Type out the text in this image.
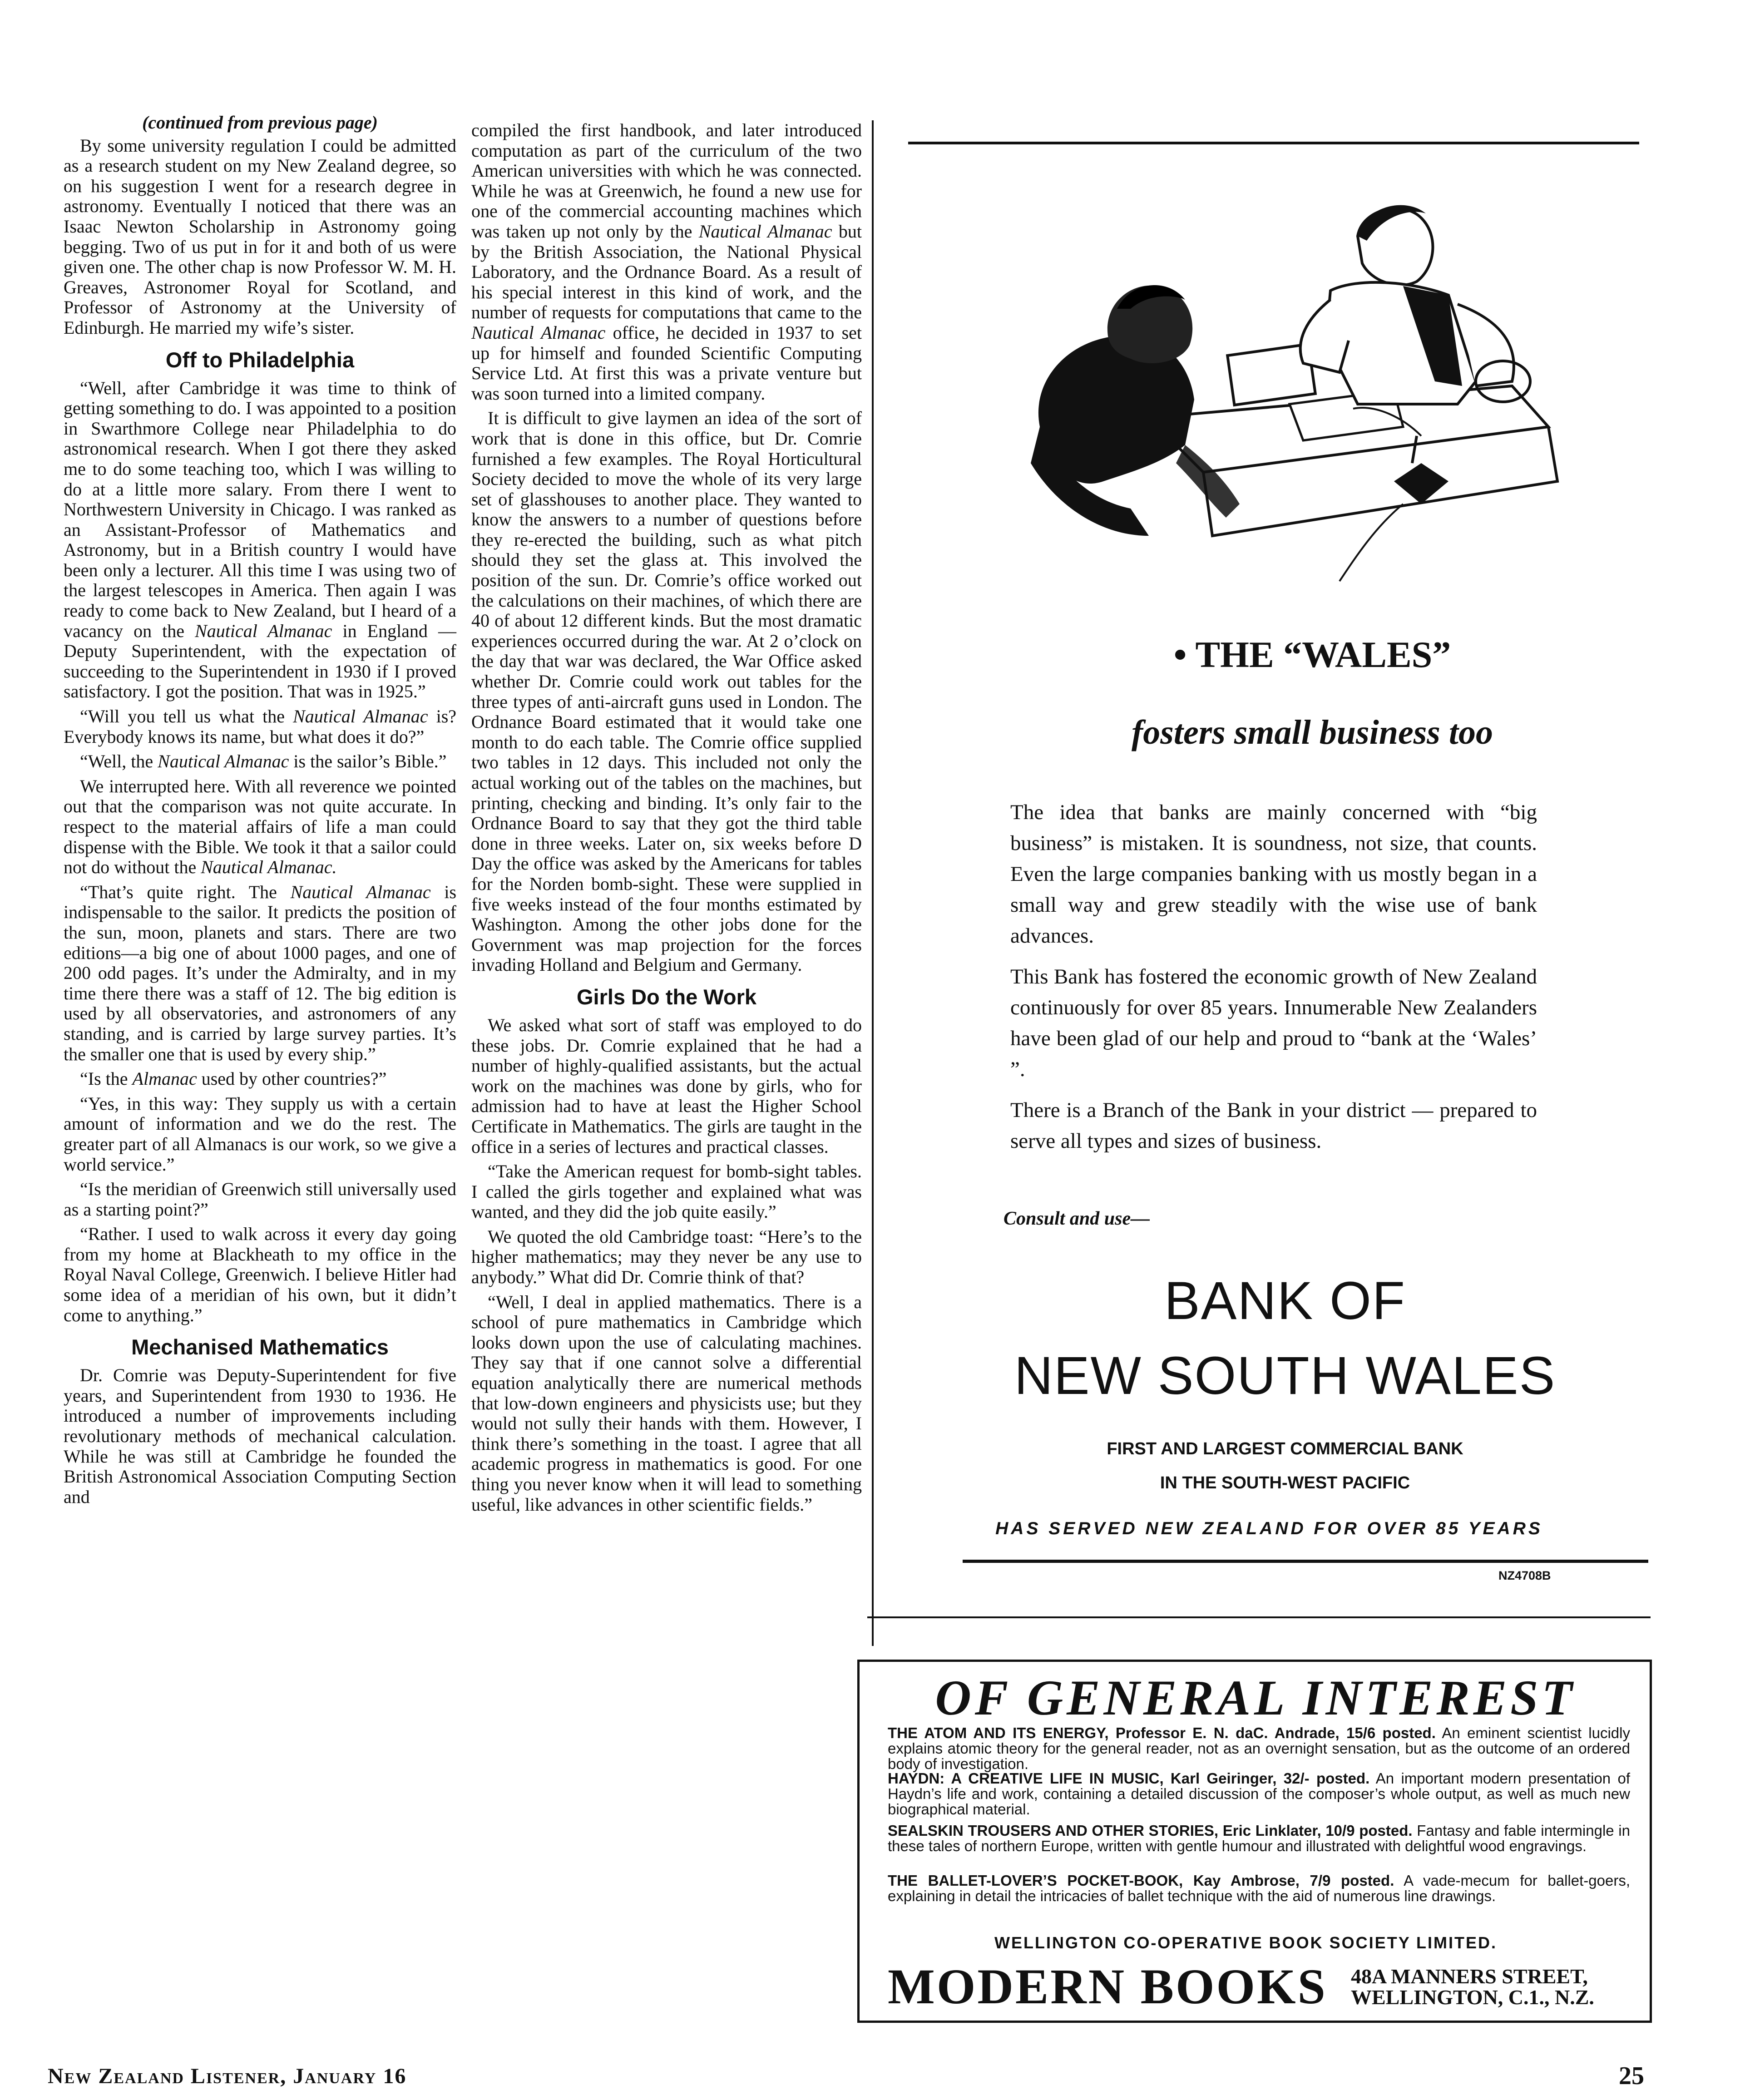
(continued from previous page)

By some university regulation I could be admitted as a research student on my New Zealand degree, so on his suggestion I went for a research degree in astronomy. Eventually I noticed that there was an Isaac Newton Scholarship in Astronomy going begging. Two of us put in for it and both of us were given one. The other chap is now Professor W. M. H. Greaves, Astronomer Royal for Scotland, and Professor of Astronomy at the University of Edinburgh. He married my wife’s sister.

Off to Philadelphia

“Well, after Cambridge it was time to think of getting something to do. I was appointed to a position in Swarthmore College near Philadelphia to do astronomical research. When I got there they asked me to do some teaching too, which I was willing to do at a little more salary. From there I went to Northwestern University in Chicago. I was ranked as an Assistant-Professor of Mathematics and Astronomy, but in a British country I would have been only a lecturer. All this time I was using two of the largest telescopes in America. Then again I was ready to come back to New Zealand, but I heard of a vacancy on the Nautical Almanac in England — Deputy Superintendent, with the expectation of succeeding to the Superintendent in 1930 if I proved satisfactory. I got the position. That was in 1925.”

“Will you tell us what the Nautical Almanac is? Everybody knows its name, but what does it do?”

“Well, the Nautical Almanac is the sailor’s Bible.”

We interrupted here. With all reverence we pointed out that the comparison was not quite accurate. In respect to the material affairs of life a man could dispense with the Bible. We took it that a sailor could not do without the Nautical Almanac.

“That’s quite right. The Nautical Almanac is indispensable to the sailor. It predicts the position of the sun, moon, planets and stars. There are two editions—a big one of about 1000 pages, and one of 200 odd pages. It’s under the Admiralty, and in my time there there was a staff of 12. The big edition is used by all observatories, and astronomers of any standing, and is carried by large survey parties. It’s the smaller one that is used by every ship.”

“Is the Almanac used by other countries?”

“Yes, in this way: They supply us with a certain amount of information and we do the rest. The greater part of all Almanacs is our work, so we give a world service.”

“Is the meridian of Greenwich still universally used as a starting point?”

“Rather. I used to walk across it every day going from my home at Blackheath to my office in the Royal Naval College, Greenwich. I believe Hitler had some idea of a meridian of his own, but it didn’t come to anything.”

Mechanised Mathematics

Dr. Comrie was Deputy-Superintendent for five years, and Superintendent from 1930 to 1936. He introduced a number of improvements including revolutionary methods of mechanical calculation. While he was still at Cambridge he founded the British Astronomical Association Computing Section and

compiled the first handbook, and later introduced computation as part of the curriculum of the two American universities with which he was connected. While he was at Greenwich, he found a new use for one of the commercial accounting machines which was taken up not only by the Nautical Almanac but by the British Association, the National Physical Laboratory, and the Ordnance Board. As a result of his special interest in this kind of work, and the number of requests for computations that came to the Nautical Almanac office, he decided in 1937 to set up for himself and founded Scientific Computing Service Ltd. At first this was a private venture but was soon turned into a limited company.

It is difficult to give laymen an idea of the sort of work that is done in this office, but Dr. Comrie furnished a few examples. The Royal Horticultural Society decided to move the whole of its very large set of glasshouses to another place. They wanted to know the answers to a number of questions before they re-erected the building, such as what pitch should they set the glass at. This involved the position of the sun. Dr. Comrie’s office worked out the calculations on their machines, of which there are 40 of about 12 different kinds. But the most dramatic experiences occurred during the war. At 2 o’clock on the day that war was declared, the War Office asked whether Dr. Comrie could work out tables for the three types of anti-aircraft guns used in London. The Ordnance Board estimated that it would take one month to do each table. The Comrie office supplied two tables in 12 days. This included not only the actual working out of the tables on the machines, but printing, checking and binding. It’s only fair to the Ordnance Board to say that they got the third table done in three weeks. Later on, six weeks before D Day the office was asked by the Americans for tables for the Norden bomb-sight. These were supplied in five weeks instead of the four months estimated by Washington. Among the other jobs done for the Government was map projection for the forces invading Holland and Belgium and Germany.

Girls Do the Work

We asked what sort of staff was employed to do these jobs. Dr. Comrie explained that he had a number of highly-qualified assistants, but the actual work on the machines was done by girls, who for admission had to have at least the Higher School Certificate in Mathematics. The girls are taught in the office in a series of lectures and practical classes.

“Take the American request for bomb-sight tables. I called the girls together and explained what was wanted, and they did the job quite easily.”

We quoted the old Cambridge toast: “Here’s to the higher mathematics; may they never be any use to anybody.” What did Dr. Comrie think of that?

“Well, I deal in applied mathematics. There is a school of pure mathematics in Cambridge which looks down upon the use of calculating machines. They say that if one cannot solve a differential equation analytically there are numerical methods that low-down engineers and physicists use; but they would not sully their hands with them. However, I think there’s something in the toast. I agree that all academic progress in mathematics is good. For one thing you never know when it will lead to something useful, like advances in other scientific fields.”

• THE “WALES”
fosters small business too

The idea that banks are mainly concerned with “big business” is mistaken. It is soundness, not size, that counts. Even the large companies banking with us mostly began in a small way and grew steadily with the wise use of bank advances.

This Bank has fostered the economic growth of New Zealand continuously for over 85 years. Innumerable New Zealanders have been glad of our help and proud to “bank at the ‘Wales’ ”.

There is a Branch of the Bank in your district — prepared to serve all types and sizes of business.

Consult and use—
BANK OF
NEW SOUTH WALES
FIRST AND LARGEST COMMERCIAL BANK
IN THE SOUTH-WEST PACIFIC
HAS SERVED NEW ZEALAND FOR OVER 85 YEARS
NZ4708B
OF GENERAL INTEREST
THE ATOM AND ITS ENERGY, Professor E. N. daC. Andrade, 15/6 posted. An eminent scientist lucidly explains atomic theory for the general reader, not as an overnight sensation, but as the outcome of an ordered body of investigation.
HAYDN: A CREATIVE LIFE IN MUSIC, Karl Geiringer, 32/- posted. An important modern presentation of Haydn’s life and work, containing a detailed discussion of the composer’s whole output, as well as much new biographical material.
SEALSKIN TROUSERS AND OTHER STORIES, Eric Linklater, 10/9 posted. Fantasy and fable intermingle in these tales of northern Europe, written with gentle humour and illustrated with delightful wood engravings.
THE BALLET-LOVER’S POCKET-BOOK, Kay Ambrose, 7/9 posted. A vade-mecum for ballet-goers, explaining in detail the intricacies of ballet technique with the aid of numerous line drawings.
WELLINGTON CO-OPERATIVE BOOK SOCIETY LIMITED.
MODERN BOOKS 48A MANNERS STREET,
WELLINGTON, C.1., N.Z.
New Zealand Listener, January 16	25
